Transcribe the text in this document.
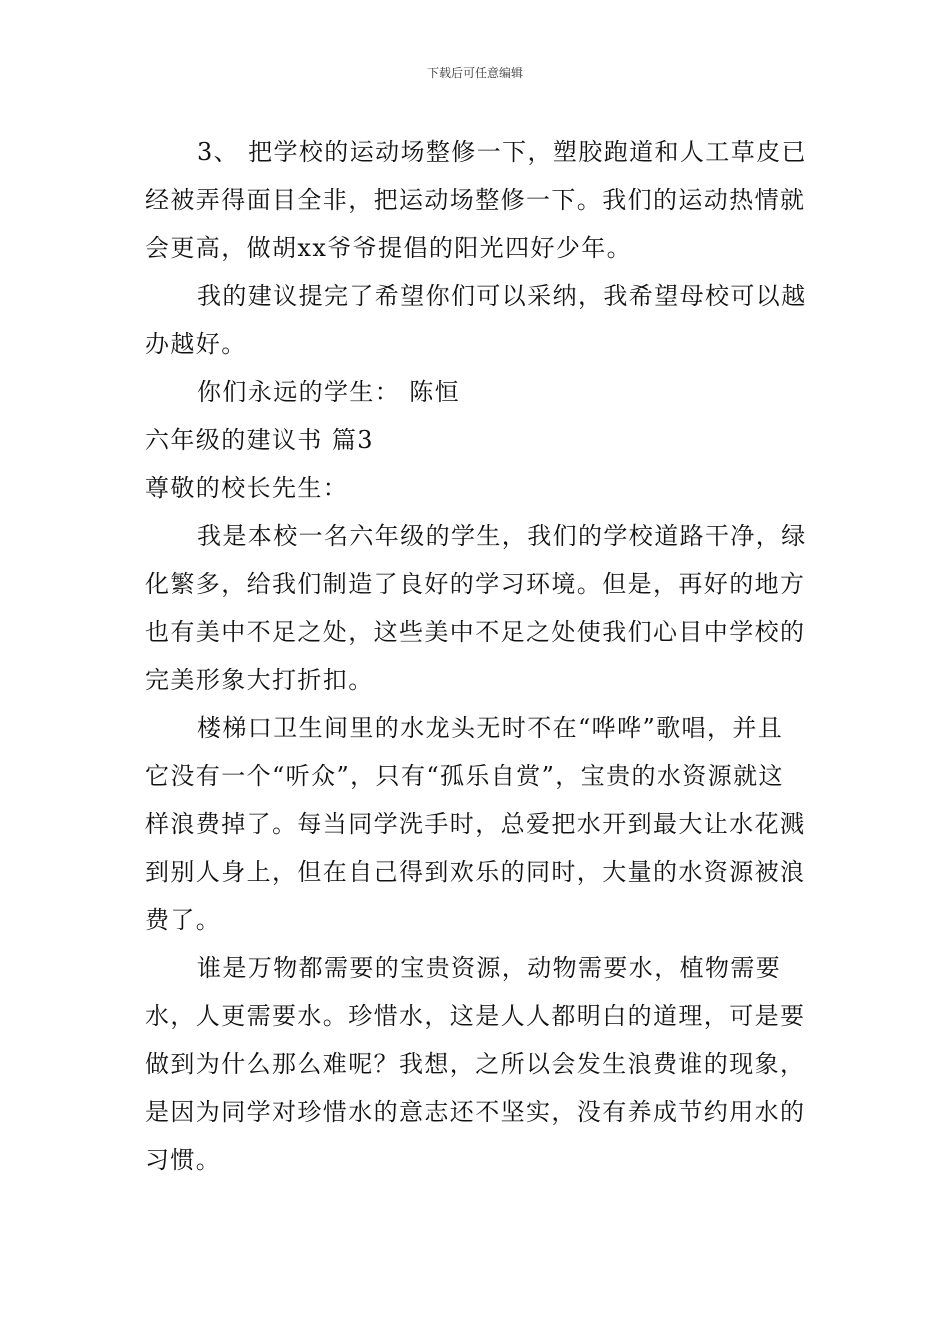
下载后可任意编辑

3、 把学校的运动场整修一下，塑胶跑道和人工草皮已经被弄得面目全非，把运动场整修一下。我们的运动热情就会更高，做胡xx爷爷提倡的阳光四好少年。

我的建议提完了希望你们可以采纳，我希望母校可以越办越好。

你们永远的学生： 陈恒

六年级的建议书 篇3

尊敬的校长先生：

我是本校一名六年级的学生，我们的学校道路干净，绿化繁多，给我们制造了良好的学习环境。但是，再好的地方也有美中不足之处，这些美中不足之处使我们心目中学校的完美形象大打折扣。

楼梯口卫生间里的水龙头无时不在“哗哗”歌唱，并且它没有一个“听众”，只有“孤乐自赏”，宝贵的水资源就这样浪费掉了。每当同学洗手时，总爱把水开到最大让水花溅到别人身上，但在自己得到欢乐的同时，大量的水资源被浪费了。

谁是万物都需要的宝贵资源，动物需要水，植物需要水，人更需要水。珍惜水，这是人人都明白的道理，可是要做到为什么那么难呢？我想，之所以会发生浪费谁的现象，是因为同学对珍惜水的意志还不坚实，没有养成节约用水的习惯。
